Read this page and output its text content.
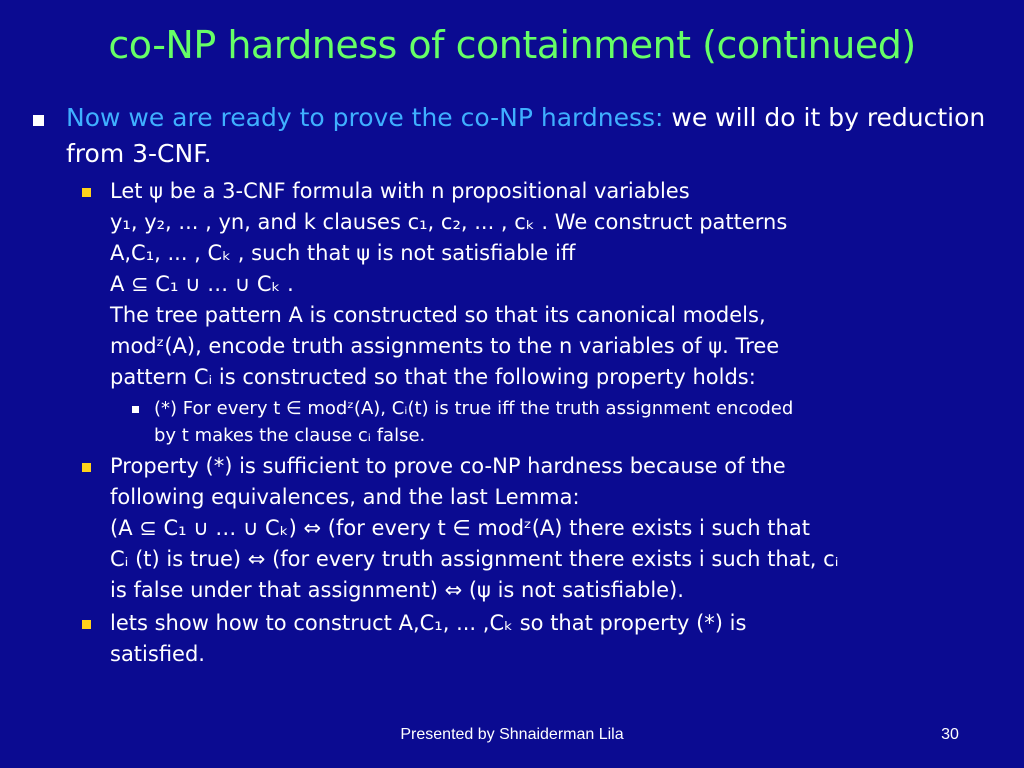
co-NP hardness of containment (continued)
Now we are ready to prove the co-NP hardness: we will do it by reduction from 3-CNF.
Let ψ be a 3-CNF formula with n propositional variables
y₁, y₂, ... , yn, and k clauses c₁, c₂, ... , cₖ . We construct patterns
A,C₁, ... , Cₖ , such that ψ is not satisfiable iff
A ⊆ C₁ ∪ … ∪ Cₖ .
The tree pattern A is constructed so that its canonical models,
modᶻ(A), encode truth assignments to the n variables of ψ. Tree
pattern Cᵢ is constructed so that the following property holds:
(*) For every t ∈ modᶻ(A), Cᵢ(t) is true iff the truth assignment encoded
by t makes the clause cᵢ false.
Property (*) is sufficient to prove co-NP hardness because of the
following equivalences, and the last Lemma:
(A ⊆ C₁ ∪ … ∪ Cₖ) ⇔ (for every t ∈ modᶻ(A) there exists i such that
Cᵢ (t) is true) ⇔ (for every truth assignment there exists i such that, cᵢ
is false under that assignment) ⇔ (ψ is not satisfiable).
lets show how to construct A,C₁, ... ,Cₖ so that property (*) is
satisfied.
Presented by Shnaiderman Lila	30
